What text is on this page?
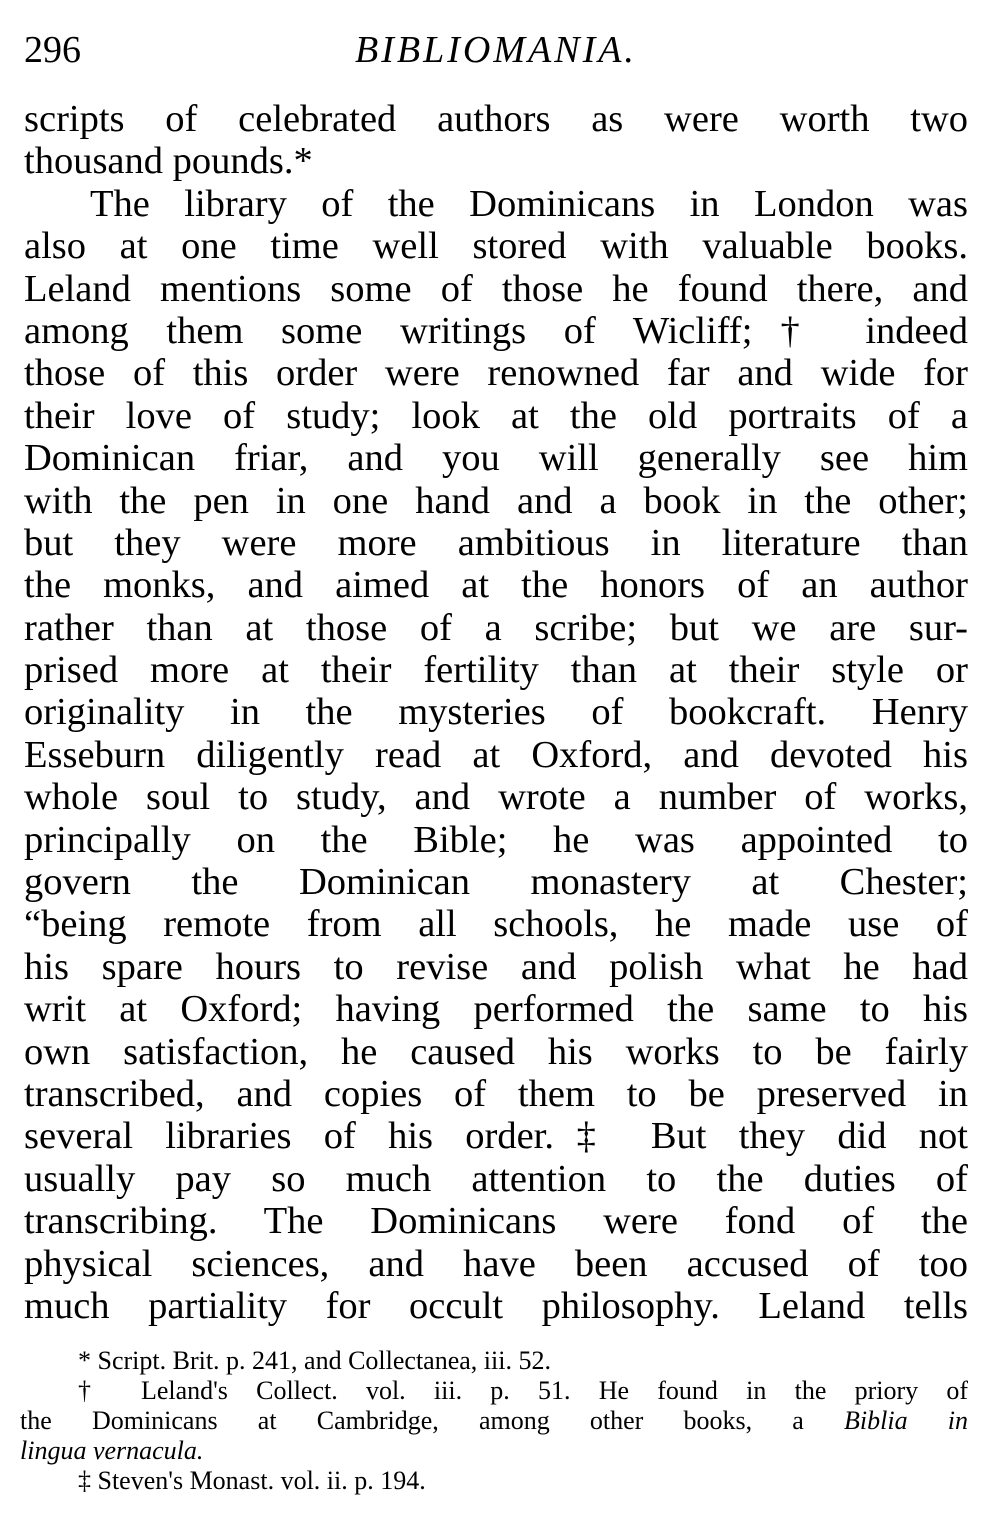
296	BIBLIOMANIA.
scripts of celebrated authors as were worth two
thousand pounds.*
The library of the Dominicans in London was
also at one time well stored with valuable books.
Leland mentions some of those he found there, and
among them some writings of Wicliff;† indeed
those of this order were renowned far and wide for
their love of study; look at the old portraits of a
Dominican friar, and you will generally see him
with the pen in one hand and a book in the other;
but they were more ambitious in literature than
the monks, and aimed at the honors of an author
rather than at those of a scribe; but we are sur-
prised more at their fertility than at their style or
originality in the mysteries of bookcraft. Henry
Esseburn diligently read at Oxford, and devoted his
whole soul to study, and wrote a number of works,
principally on the Bible; he was appointed to
govern the Dominican monastery at Chester;
“being remote from all schools, he made use of
his spare hours to revise and polish what he had
writ at Oxford; having performed the same to his
own satisfaction, he caused his works to be fairly
transcribed, and copies of them to be preserved in
several libraries of his order.‡ But they did not
usually pay so much attention to the duties of
transcribing. The Dominicans were fond of the
physical sciences, and have been accused of too
much partiality for occult philosophy. Leland tells
* Script. Brit. p. 241, and Collectanea, iii. 52.
† Leland's Collect. vol. iii. p. 51. He found in the priory of
the Dominicans at Cambridge, among other books, a Biblia in
lingua vernacula.
‡ Steven's Monast. vol. ii. p. 194.
